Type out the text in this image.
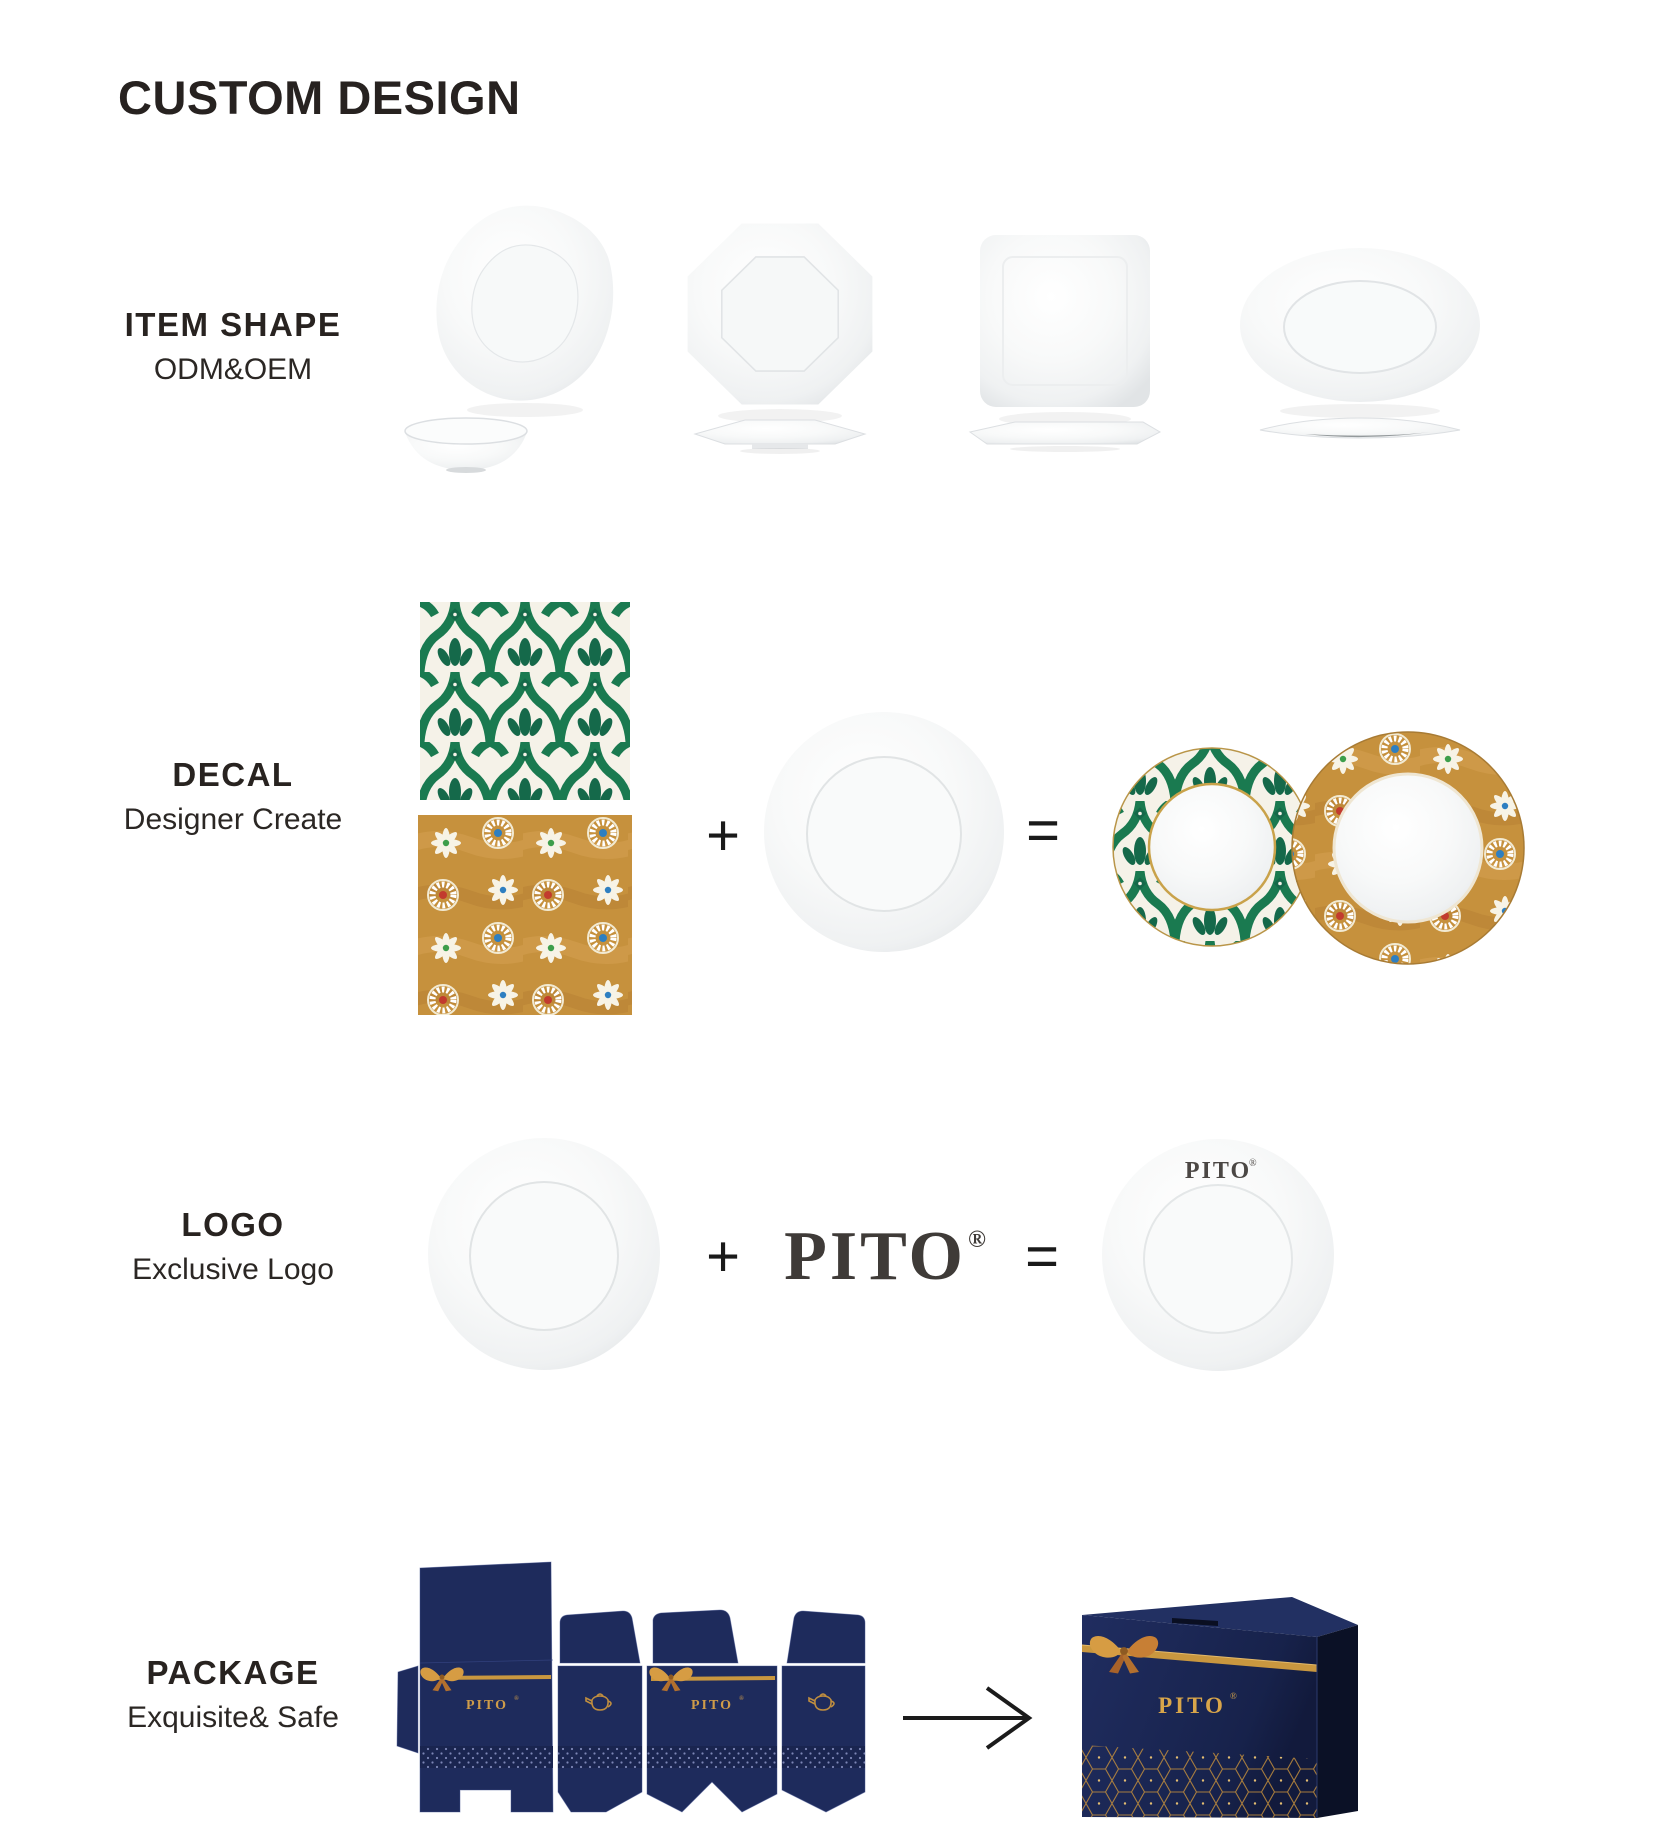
CUSTOM DESIGN
ITEM SHAPE
ODM&OEM
DECAL
Designer Create	+	=
LOGO
Exclusive Logo	+ PITO® =
PITO
®
PACKAGE
Exquisite& Safe	PITO ®	PITO ®	PITO ®
